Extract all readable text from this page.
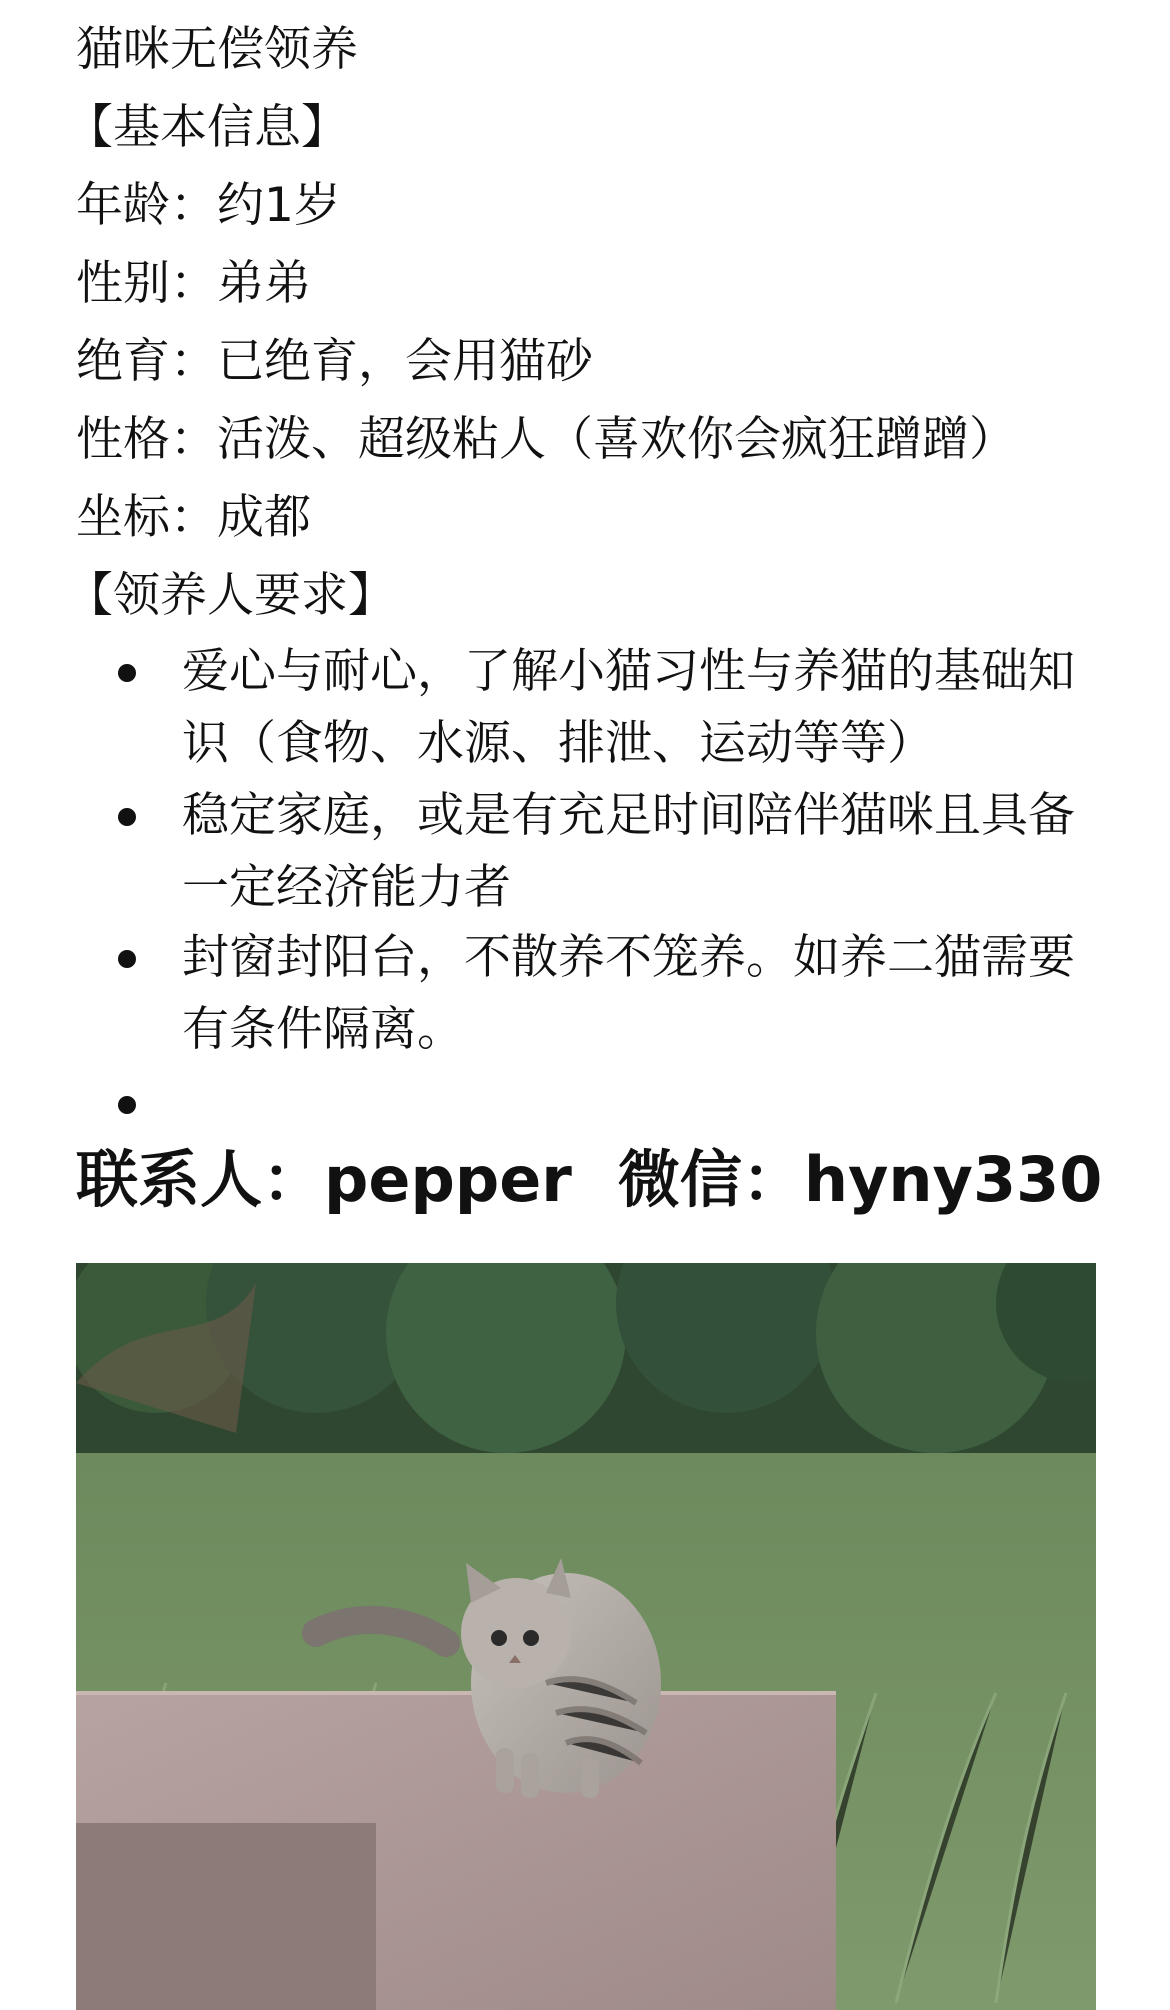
猫咪无偿领养
【基本信息】
年龄：约1岁
性别：弟弟
绝育：已绝育，会用猫砂
性格：活泼、超级粘人（喜欢你会疯狂蹭蹭）
坐标：成都
【领养人要求】
爱心与耐心，了解小猫习性与养猫的基础知识（食物、水源、排泄、运动等等）
稳定家庭，或是有充足时间陪伴猫咪且具备一定经济能力者
封窗封阳台，不散养不笼养。如养二猫需要有条件隔离。
联系人：pepper 微信：hyny330
